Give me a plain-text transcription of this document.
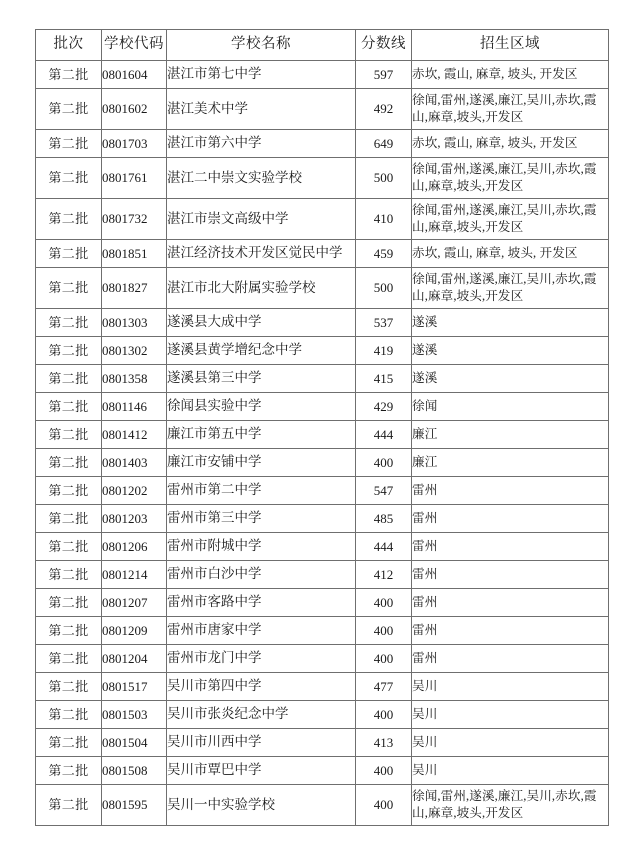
批次	学校代码	学校名称	分数线	招生区域
第二批	0801604	湛江市第七中学	597	赤坎, 霞山, 麻章, 坡头, 开发区
第二批	0801602	湛江美术中学	492	徐闻,雷州,遂溪,廉江,吴川,赤坎,霞山,麻章,坡头,开发区
第二批	0801703	湛江市第六中学	649	赤坎, 霞山, 麻章, 坡头, 开发区
第二批	0801761	湛江二中崇文实验学校	500	徐闻,雷州,遂溪,廉江,吴川,赤坎,霞山,麻章,坡头,开发区
第二批	0801732	湛江市崇文高级中学	410	徐闻,雷州,遂溪,廉江,吴川,赤坎,霞山,麻章,坡头,开发区
第二批	0801851	湛江经济技术开发区觉民中学	459	赤坎, 霞山, 麻章, 坡头, 开发区
第二批	0801827	湛江市北大附属实验学校	500	徐闻,雷州,遂溪,廉江,吴川,赤坎,霞山,麻章,坡头,开发区
第二批	0801303	遂溪县大成中学	537	遂溪
第二批	0801302	遂溪县黄学增纪念中学	419	遂溪
第二批	0801358	遂溪县第三中学	415	遂溪
第二批	0801146	徐闻县实验中学	429	徐闻
第二批	0801412	廉江市第五中学	444	廉江
第二批	0801403	廉江市安铺中学	400	廉江
第二批	0801202	雷州市第二中学	547	雷州
第二批	0801203	雷州市第三中学	485	雷州
第二批	0801206	雷州市附城中学	444	雷州
第二批	0801214	雷州市白沙中学	412	雷州
第二批	0801207	雷州市客路中学	400	雷州
第二批	0801209	雷州市唐家中学	400	雷州
第二批	0801204	雷州市龙门中学	400	雷州
第二批	0801517	吴川市第四中学	477	吴川
第二批	0801503	吴川市张炎纪念中学	400	吴川
第二批	0801504	吴川市川西中学	413	吴川
第二批	0801508	吴川市覃巴中学	400	吴川
第二批	0801595	吴川一中实验学校	400	徐闻,雷州,遂溪,廉江,吴川,赤坎,霞山,麻章,坡头,开发区
